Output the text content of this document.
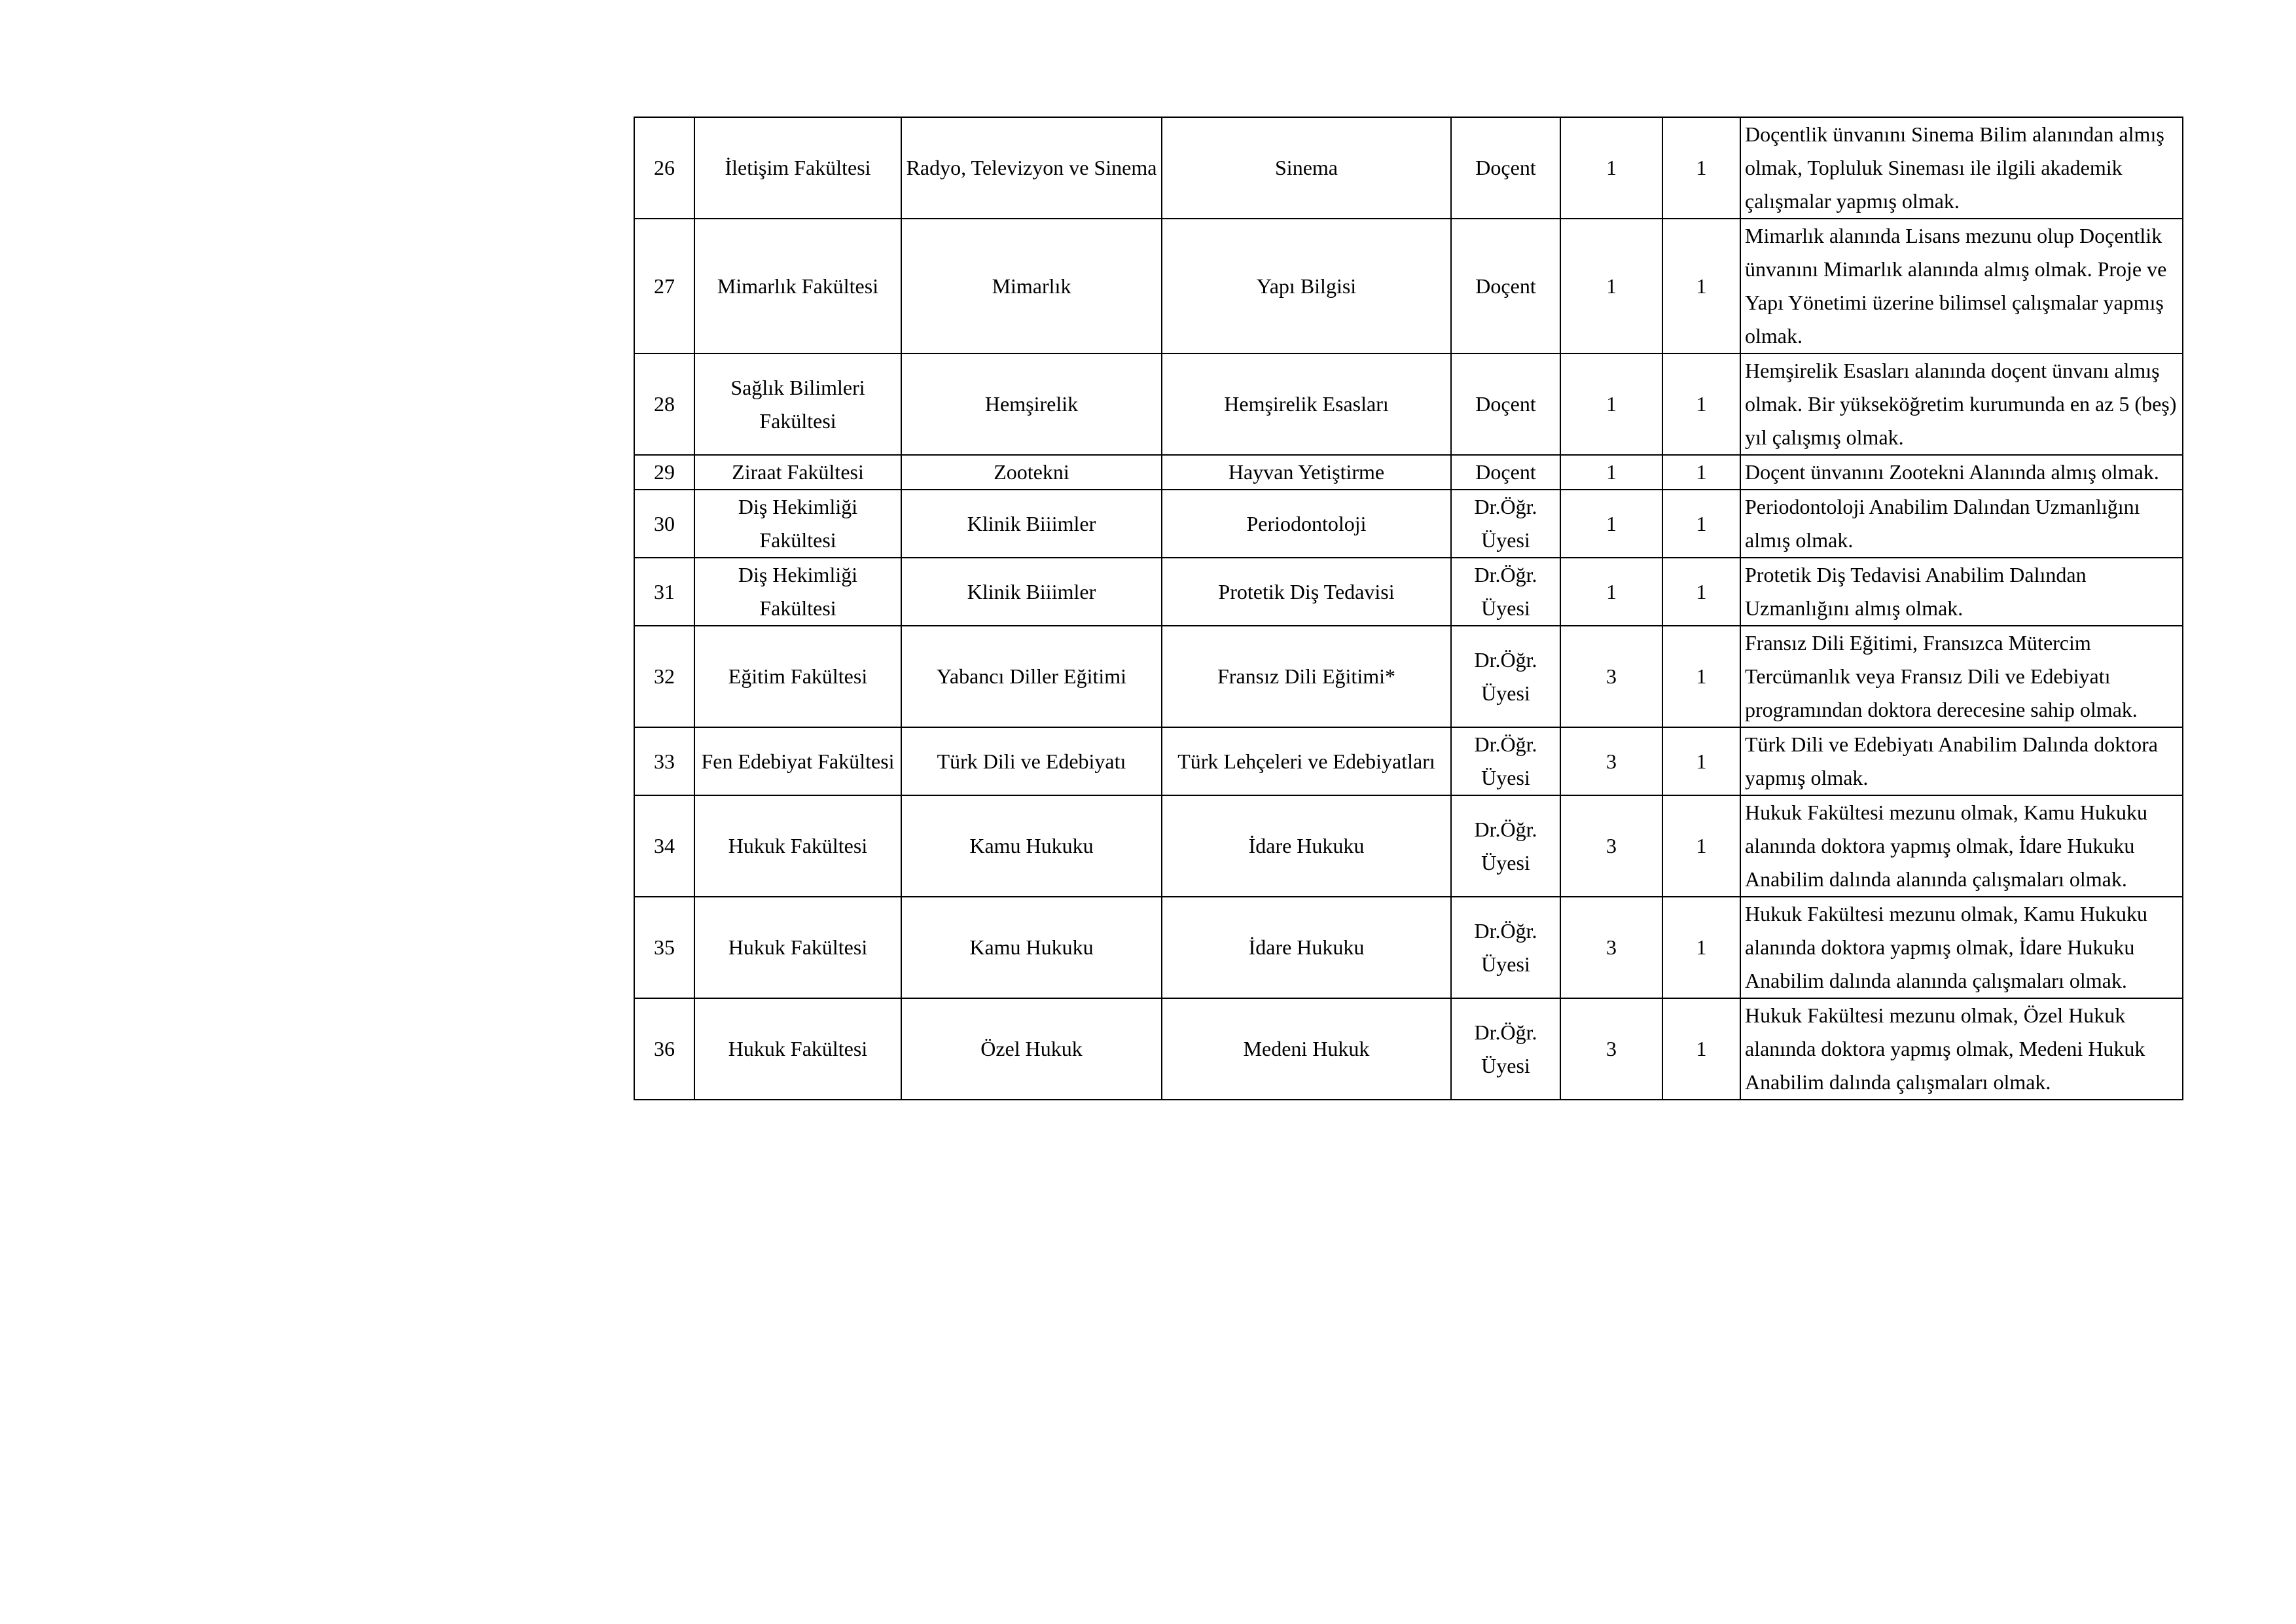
26	İletişim Fakültesi	Radyo, Televizyon ve Sinema	Sinema	Doçent	1	1	Doçentlik ünvanını Sinema Bilim alanından almış olmak, Topluluk Sineması ile ilgili akademik çalışmalar yapmış olmak.
27	Mimarlık Fakültesi	Mimarlık	Yapı Bilgisi	Doçent	1	1	Mimarlık alanında Lisans mezunu olup Doçentlik ünvanını Mimarlık alanında almış olmak. Proje ve Yapı Yönetimi üzerine bilimsel çalışmalar yapmış olmak.
28	Sağlık Bilimleri Fakültesi	Hemşirelik	Hemşirelik Esasları	Doçent	1	1	Hemşirelik Esasları alanında doçent ünvanı almış olmak. Bir yükseköğretim kurumunda en az 5 (beş) yıl çalışmış olmak.
29	Ziraat Fakültesi	Zootekni	Hayvan Yetiştirme	Doçent	1	1	Doçent ünvanını Zootekni Alanında almış olmak.
30	Diş Hekimliği Fakültesi	Klinik Biiimler	Periodontoloji	Dr.Öğr. Üyesi	1	1	Periodontoloji Anabilim Dalından Uzmanlığını almış olmak.
31	Diş Hekimliği Fakültesi	Klinik Biiimler	Protetik Diş Tedavisi	Dr.Öğr. Üyesi	1	1	Protetik Diş Tedavisi Anabilim Dalından Uzmanlığını almış olmak.
32	Eğitim Fakültesi	Yabancı Diller Eğitimi	Fransız Dili Eğitimi*	Dr.Öğr. Üyesi	3	1	Fransız Dili Eğitimi, Fransızca Mütercim Tercümanlık veya Fransız Dili ve Edebiyatı programından doktora derecesine sahip olmak.
33	Fen Edebiyat Fakültesi	Türk Dili ve Edebiyatı	Türk Lehçeleri ve Edebiyatları	Dr.Öğr. Üyesi	3	1	Türk Dili ve Edebiyatı Anabilim Dalında doktora yapmış olmak.
34	Hukuk Fakültesi	Kamu Hukuku	İdare Hukuku	Dr.Öğr. Üyesi	3	1	Hukuk Fakültesi mezunu olmak, Kamu Hukuku alanında doktora yapmış olmak, İdare Hukuku Anabilim dalında alanında çalışmaları olmak.
35	Hukuk Fakültesi	Kamu Hukuku	İdare Hukuku	Dr.Öğr. Üyesi	3	1	Hukuk Fakültesi mezunu olmak, Kamu Hukuku alanında doktora yapmış olmak, İdare Hukuku Anabilim dalında alanında çalışmaları olmak.
36	Hukuk Fakültesi	Özel Hukuk	Medeni Hukuk	Dr.Öğr. Üyesi	3	1	Hukuk Fakültesi mezunu olmak, Özel Hukuk alanında doktora yapmış olmak, Medeni Hukuk Anabilim dalında çalışmaları olmak.
